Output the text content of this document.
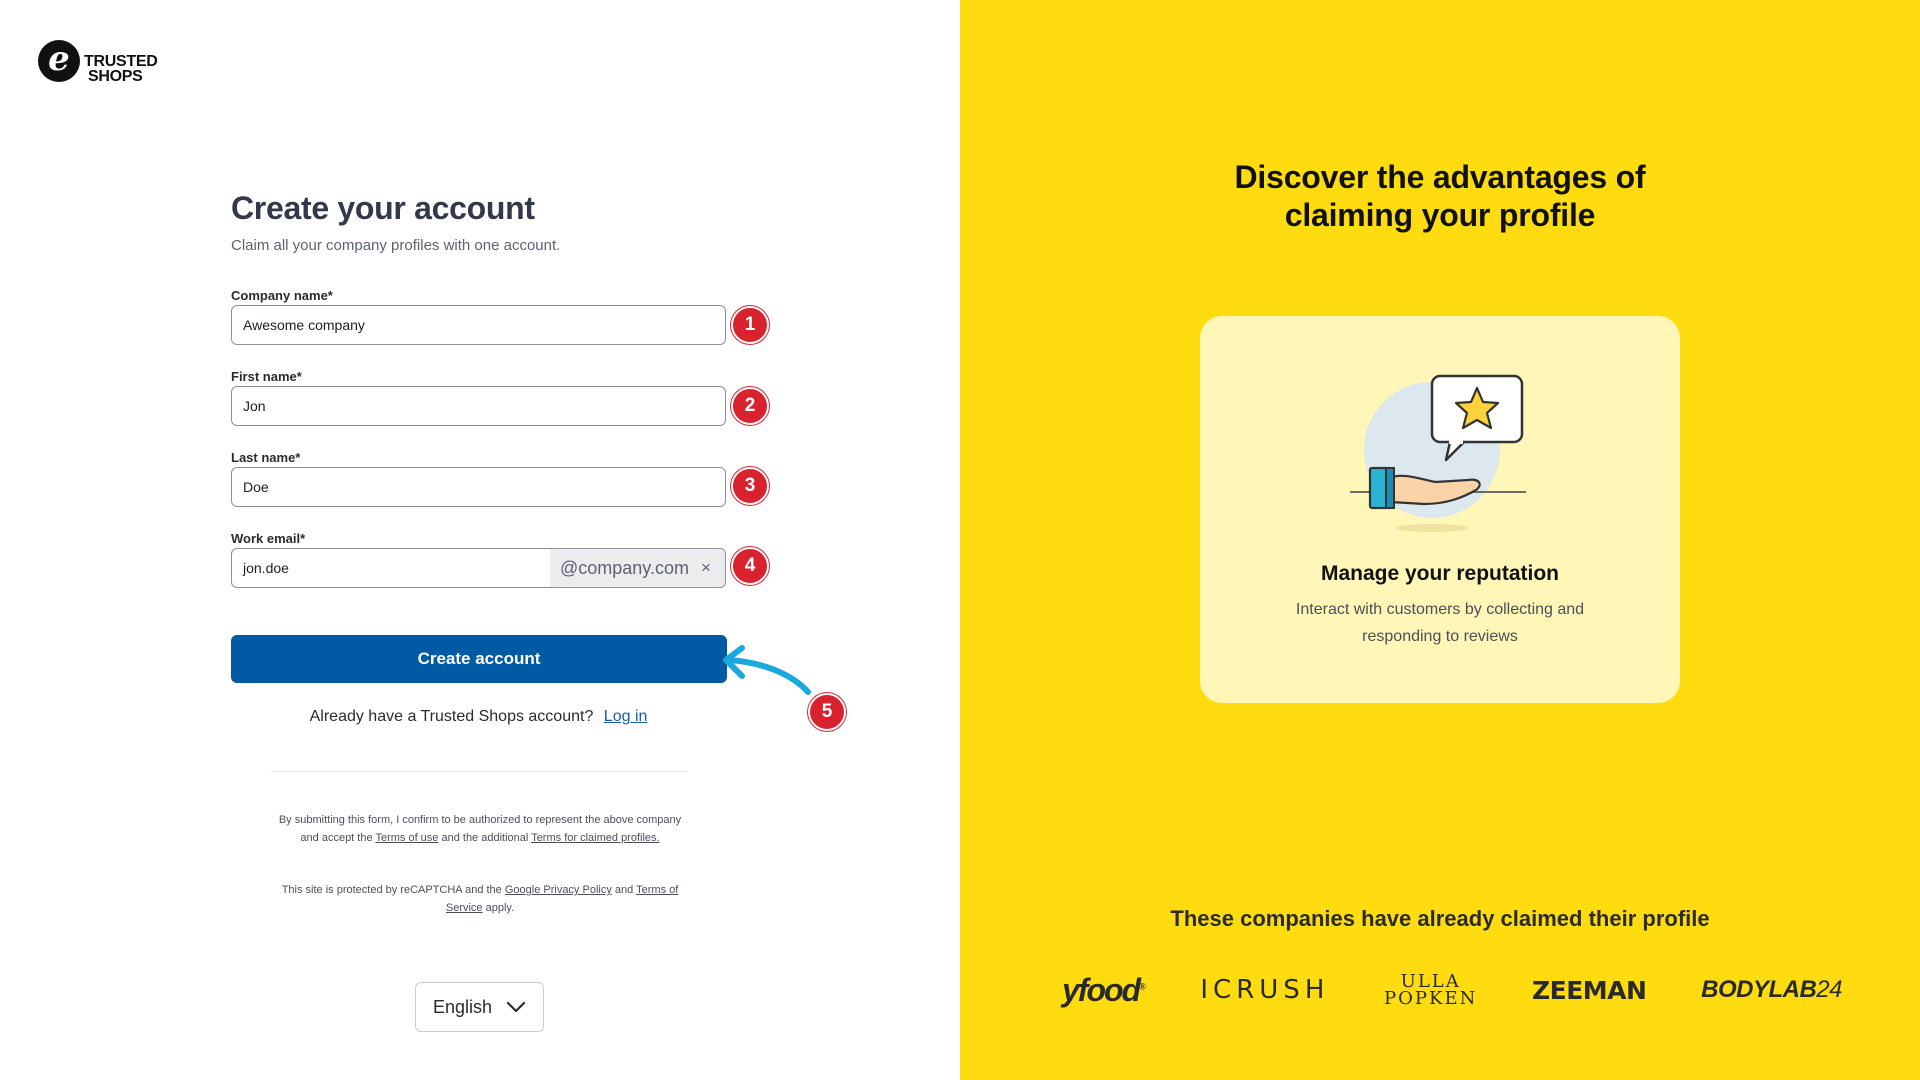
e TRUSTED
SHOPS
Create your account

Claim all your company profiles with one account.

Company name*
Awesome company	1
First name*
Jon	2
Last name*
Doe	3
Work email*
jon.doe	@company.com ×	4
Create account
Already have a Trusted Shops account? Log in	5

By submitting this form, I confirm to be authorized to represent the above company and accept the Terms of use and the additional Terms for claimed profiles.

This site is protected by reCAPTCHA and the Google Privacy Policy and Terms of Service apply.

English
Discover the advantages of
claiming your profile
Manage your reputation
Interact with customers by collecting and responding to reviews
These companies have already claimed their profile
yfood® ICRUSH	ULLA
POPKEN ZEEMAN BODYLAB24
